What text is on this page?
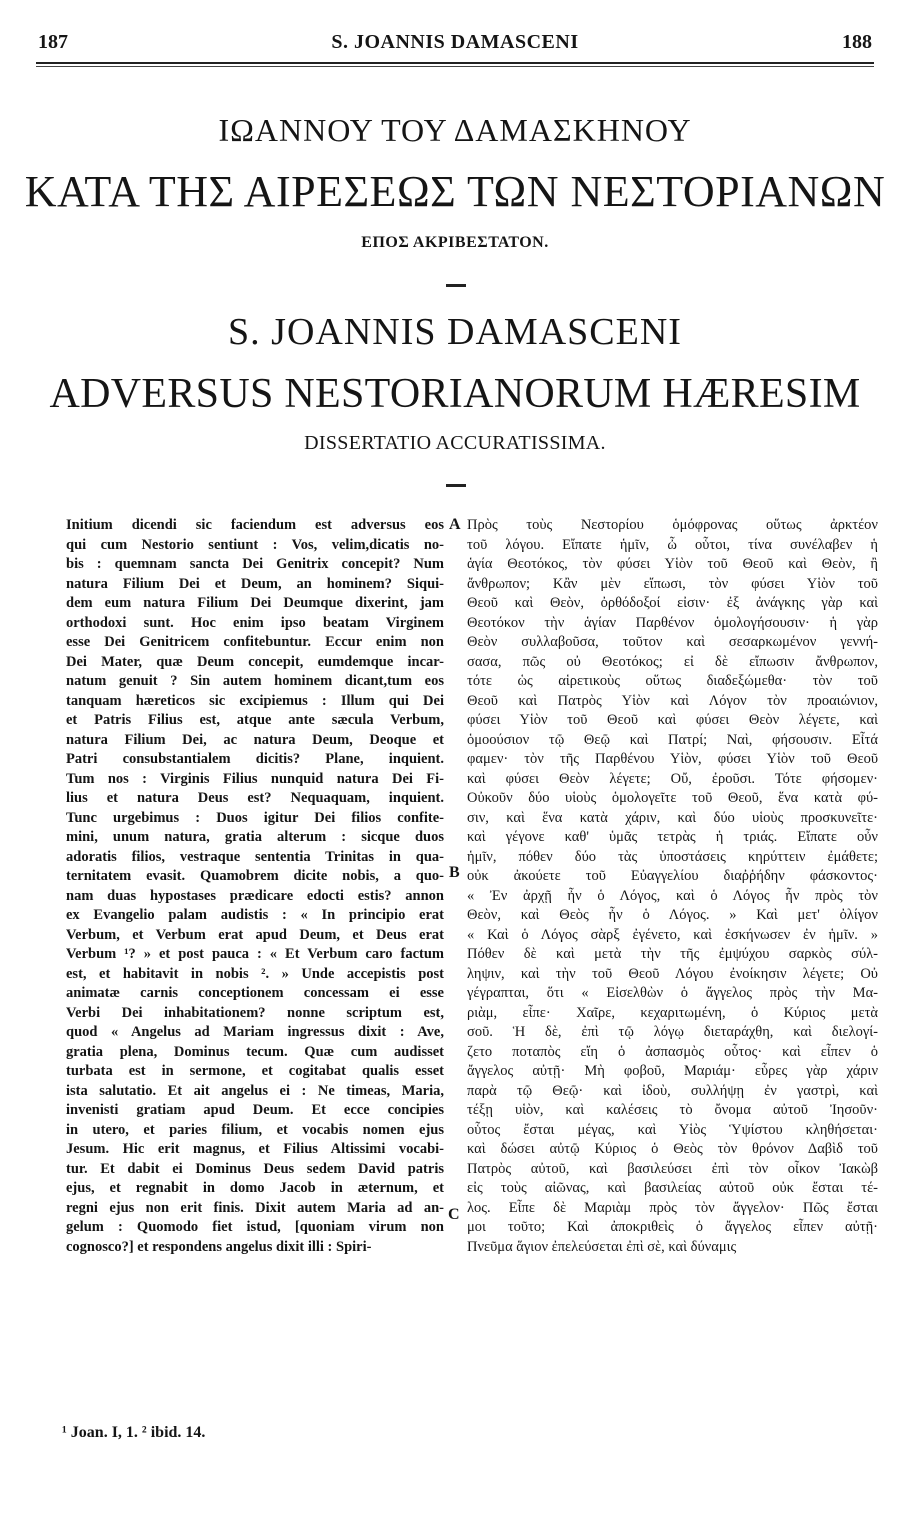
187	S. JOANNIS DAMASCENI	188
ΙΩΑΝΝΟΥ ΤΟΥ ΔΑΜΑΣΚΗΝΟΥ
ΚΑΤΑ ΤΗΣ ΑΙΡΕΣΕΩΣ ΤΩΝ ΝΕΣΤΟΡΙΑΝΩΝ
ΕΠΟΣ ΑΚΡΙΒΕΣΤΑΤΟΝ.
S. JOANNIS DAMASCENI
ADVERSUS NESTORIANORUM HÆRESIM
DISSERTATIO ACCURATISSIMA.
Initium dicendi sic faciendum est adversus eos
qui cum Nestorio sentiunt : Vos, velim,dicatis no-
bis : quemnam sancta Dei Genitrix concepit? Num
natura Filium Dei et Deum, an hominem? Siqui-
dem eum natura Filium Dei Deumque dixerint, jam
orthodoxi sunt. Hoc enim ipso beatam Virginem
esse Dei Genitricem confitebuntur. Eccur enim non
Dei Mater, quæ Deum concepit, eumdemque incar-
natum genuit ? Sin autem hominem dicant,tum eos
tanquam hæreticos sic excipiemus : Illum qui Dei
et Patris Filius est, atque ante sæcula Verbum,
natura Filium Dei, ac natura Deum, Deoque et
Patri consubstantialem dicitis? Plane, inquient.
Tum nos : Virginis Filius nunquid natura Dei Fi-
lius et natura Deus est? Nequaquam, inquient.
Tunc urgebimus : Duos igitur Dei filios confite-
mini, unum natura, gratia alterum : sicque duos
adoratis filios, vestraque sententia Trinitas in qua-
ternitatem evasit. Quamobrem dicite nobis, a quo-
nam duas hypostases prædicare edocti estis? annon
ex Evangelio palam audistis : « In principio erat
Verbum, et Verbum erat apud Deum, et Deus erat
Verbum ¹? » et post pauca : « Et Verbum caro factum
est, et habitavit in nobis ². » Unde accepistis post
animatæ carnis conceptionem concessam ei esse
Verbi Dei inhabitationem? nonne scriptum est,
quod « Angelus ad Mariam ingressus dixit : Ave,
gratia plena, Dominus tecum. Quæ cum audisset
turbata est in sermone, et cogitabat qualis esset
ista salutatio. Et ait angelus ei : Ne timeas, Maria,
invenisti gratiam apud Deum. Et ecce concipies
in utero, et paries filium, et vocabis nomen ejus
Jesum. Hic erit magnus, et Filius Altissimi vocabi-
tur. Et dabit ei Dominus Deus sedem David patris
ejus, et regnabit in domo Jacob in æternum, et
regni ejus non erit finis. Dixit autem Maria ad an-
gelum : Quomodo fiet istud, [quoniam virum non
cognosco?] et respondens angelus dixit illi : Spiri-
Πρὸς τοὺς Νεστορίου ὁμόφρονας οὕτως ἀρκτέον
τοῦ λόγου. Εἴπατε ἡμῖν, ὦ οὗτοι, τίνα συνέλαβεν ἡ
ἁγία Θεοτόκος, τὸν φύσει Υἱὸν τοῦ Θεοῦ καὶ Θεὸν, ἢ
ἄνθρωπον; Κἂν μὲν εἴπωσι, τὸν φύσει Υἱὸν τοῦ
Θεοῦ καὶ Θεὸν, ὀρθόδοξοί εἰσιν· ἐξ ἀνάγκης γὰρ καὶ
Θεοτόκον τὴν ἁγίαν Παρθένον ὁμολογήσουσιν· ἡ γὰρ
Θεὸν συλλαβοῦσα, τοῦτον καὶ σεσαρκωμένον γεννή-
σασα, πῶς οὐ Θεοτόκος; εἰ δὲ εἴπωσιν ἄνθρωπον,
τότε ὡς αἱρετικοὺς οὕτως διαδεξώμεθα· τὸν τοῦ
Θεοῦ καὶ Πατρὸς Υἱὸν καὶ Λόγον τὸν προαιώνιον,
φύσει Υἱὸν τοῦ Θεοῦ καὶ φύσει Θεὸν λέγετε, καὶ
ὁμοούσιον τῷ Θεῷ καὶ Πατρί; Ναὶ, φήσουσιν. Εἶτά
φαμεν· τὸν τῆς Παρθένου Υἱὸν, φύσει Υἱὸν τοῦ Θεοῦ
καὶ φύσει Θεὸν λέγετε; Οὔ, ἐροῦσι. Τότε φήσομεν·
Οὐκοῦν δύο υἱοὺς ὁμολογεῖτε τοῦ Θεοῦ, ἕνα κατὰ φύ-
σιν, καὶ ἕνα κατὰ χάριν, καὶ δύο υἱοὺς προσκυνεῖτε·
καὶ γέγονε καθ' ὑμᾶς τετρὰς ἡ τριάς. Εἴπατε οὖν
ἡμῖν, πόθεν δύο τὰς ὑποστάσεις κηρύττειν ἐμάθετε;
οὐκ ἀκούετε τοῦ Εὐαγγελίου διαῤῥήδην φάσκοντος·
« Ἐν ἀρχῇ ἦν ὁ Λόγος, καὶ ὁ Λόγος ἦν πρὸς τὸν
Θεὸν, καὶ Θεὸς ἦν ὁ Λόγος. » Καὶ μετ' ὀλίγον
« Καὶ ὁ Λόγος σὰρξ ἐγένετο, καὶ ἐσκήνωσεν ἐν ἡμῖν. »
Πόθεν δὲ καὶ μετὰ τὴν τῆς ἐμψύχου σαρκὸς σύλ-
ληψιν, καὶ τὴν τοῦ Θεοῦ Λόγου ἐνοίκησιν λέγετε; Οὐ
γέγραπται, ὅτι « Εἰσελθὼν ὁ ἄγγελος πρὸς τὴν Μα-
ριὰμ, εἶπε· Χαῖρε, κεχαριτωμένη, ὁ Κύριος μετὰ
σοῦ. Ἡ δὲ, ἐπὶ τῷ λόγῳ διεταράχθη, καὶ διελογί-
ζετο ποταπὸς εἴη ὁ ἀσπασμὸς οὗτος· καὶ εἶπεν ὁ
ἄγγελος αὐτῇ· Μὴ φοβοῦ, Μαριάμ· εὗρες γὰρ χάριν
παρὰ τῷ Θεῷ· καὶ ἰδοὺ, συλλήψῃ ἐν γαστρὶ, καὶ
τέξῃ υἱὸν, καὶ καλέσεις τὸ ὄνομα αὐτοῦ Ἰησοῦν·
οὗτος ἔσται μέγας, καὶ Υἱὸς Ὑψίστου κληθήσεται·
καὶ δώσει αὐτῷ Κύριος ὁ Θεὸς τὸν θρόνον Δαβὶδ τοῦ
Πατρὸς αὐτοῦ, καὶ βασιλεύσει ἐπὶ τὸν οἶκον Ἰακὼβ
εἰς τοὺς αἰῶνας, καὶ βασιλείας αὐτοῦ οὐκ ἔσται τέ-
λος. Εἶπε δὲ Μαριὰμ πρὸς τὸν ἄγγελον· Πῶς ἔσται
μοι τοῦτο; Καὶ ἀποκριθεὶς ὁ ἄγγελος εἶπεν αὐτῇ·
Πνεῦμα ἅγιον ἐπελεύσεται ἐπὶ σὲ, καὶ δύναμις
A
B
C
¹ Joan. I, 1. ² ibid. 14.
